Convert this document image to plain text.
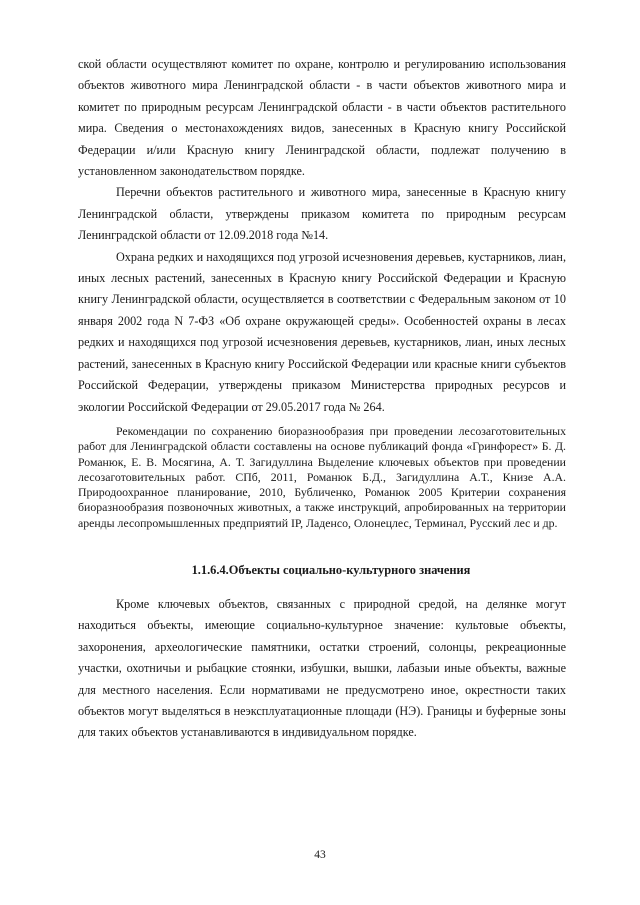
ской области осуществляют комитет по охране, контролю и регулированию использования объектов животного мира Ленинградской области - в части объектов животного мира и комитет по природным ресурсам Ленинградской области - в части объектов растительного мира. Сведения о местонахождениях видов, занесенных в Красную книгу Российской Федерации и/или Красную книгу Ленинградской области, подлежат получению в установленном законодательством порядке.

Перечни объектов растительного и животного мира, занесенные в Красную книгу Ленинградской области, утверждены приказом комитета по природным ресурсам Ленинградской области от 12.09.2018 года №14.

Охрана редких и находящихся под угрозой исчезновения деревьев, кустарников, лиан, иных лесных растений, занесенных в Красную книгу Российской Федерации и Красную книгу Ленинградской области, осуществляется в соответствии с Федеральным законом от 10 января 2002 года N 7-ФЗ «Об охране окружающей среды». Особенностей охраны в лесах редких и находящихся под угрозой исчезновения деревьев, кустарников, лиан, иных лесных растений, занесенных в Красную книгу Российской Федерации или красные книги субъектов Российской Федерации, утверждены приказом Министерства природных ресурсов и экологии Российской Федерации от 29.05.2017 года № 264.

Рекомендации по сохранению биоразнообразия при проведении лесозаготовительных работ для Ленинградской области составлены на основе публикаций фонда «Гринфорест» Б. Д. Романюк, Е. В. Мосягина, А. Т. Загидуллина Выделение ключевых объектов при проведении лесозаготовительных работ. СПб, 2011, Романюк Б.Д., Загидуллина А.Т., Книзе А.А. Природоохранное планирование, 2010, Бубличенко, Романюк 2005 Критерии сохранения биоразнообразия позвоночных животных, а также инструкций, апробированных на территории аренды лесопромышленных предприятий IP, Ладенсо, Олонецлес, Терминал, Русский лес и др.

1.1.6.4.Объекты социально-культурного значения

Кроме ключевых объектов, связанных с природной средой, на делянке могут находиться объекты, имеющие социально-культурное значение: культовые объекты, захоронения, археологические памятники, остатки строений, солонцы, рекреационные участки, охотничьи и рыбацкие стоянки, избушки, вышки, лабазыи иные объекты, важные для местного населения. Если нормативами не предусмотрено иное, окрестности таких объектов могут выделяться в неэксплуатационные площади (НЭ). Границы и буферные зоны для таких объектов устанавливаются в индивидуальном порядке.

43
